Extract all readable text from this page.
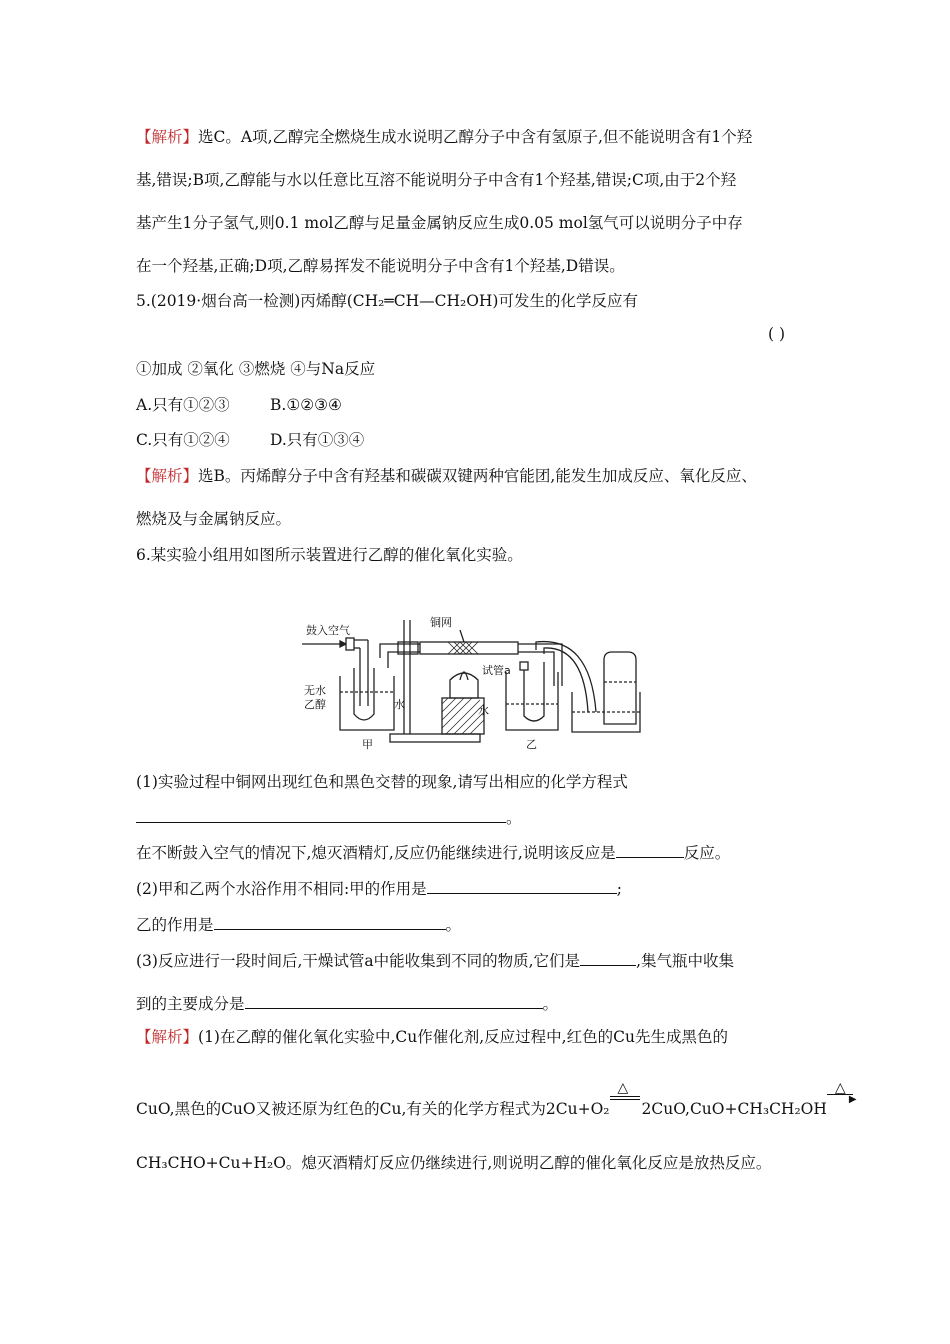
【解析】选C。A项,乙醇完全燃烧生成水说明乙醇分子中含有氢原子,但不能说明含有1个羟
基,错误;B项,乙醇能与水以任意比互溶不能说明分子中含有1个羟基,错误;C项,由于2个羟
基产生1分子氢气,则0.1 mol乙醇与足量金属钠反应生成0.05 mol氢气可以说明分子中存
在一个羟基,正确;D项,乙醇易挥发不能说明分子中含有1个羟基,D错误。
5.(2019·烟台高一检测)丙烯醇(CH₂═CH—CH₂OH)可发生的化学反应有
( )
①加成 ②氧化 ③燃烧 ④与Na反应
A.只有①②③	B.①②③④
C.只有①②④	D.只有①③④
【解析】选B。丙烯醇分子中含有羟基和碳碳双键两种官能团,能发生加成反应、氧化反应、
燃烧及与金属钠反应。
6.某实验小组用如图所示装置进行乙醇的催化氧化实验。
鼓入空气
铜网
试管a
无水
乙醇	水	水
甲	乙
(1)实验过程中铜网出现红色和黑色交替的现象,请写出相应的化学方程式
。
在不断鼓入空气的情况下,熄灭酒精灯,反应仍能继续进行,说明该反应是	反应。
(2)甲和乙两个水浴作用不相同:甲的作用是	;
乙的作用是	。
(3)反应进行一段时间后,干燥试管a中能收集到不同的物质,它们是	,集气瓶中收集
到的主要成分是	。
【解析】(1)在乙醇的催化氧化实验中,Cu作催化剂,反应过程中,红色的Cu先生成黑色的
CuO,黑色的CuO又被还原为红色的Cu,有关的化学方程式为2Cu+O₂
△
2CuO,CuO+CH₃CH₂OH
△
▶
CH₃CHO+Cu+H₂O。熄灭酒精灯反应仍继续进行,则说明乙醇的催化氧化反应是放热反应。
